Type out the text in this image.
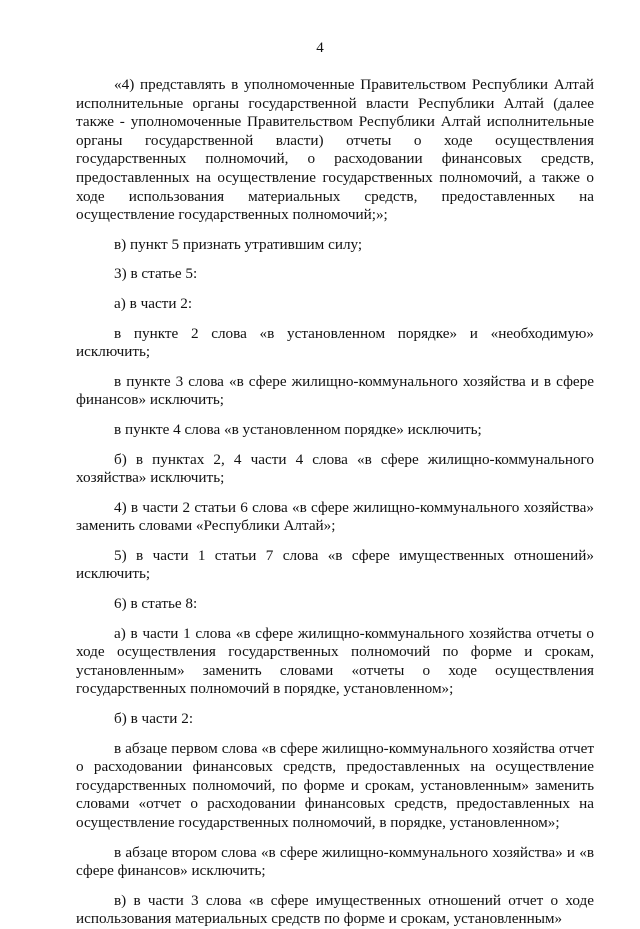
4

«4) представлять в уполномоченные Правительством Республики Алтай исполнительные органы государственной власти Республики Алтай (далее также - уполномоченные Правительством Республики Алтай исполнительные органы государственной власти) отчеты о ходе осуществления государственных полномочий, о расходовании финансовых средств, предоставленных на осуществление государственных полномочий, а также о ходе использования материальных средств, предоставленных на осуществление государственных полномочий;»;

в) пункт 5 признать утратившим силу;

3) в статье 5:

а) в части 2:

в пункте 2 слова «в установленном порядке» и «необходимую» исключить;

в пункте 3 слова «в сфере жилищно-коммунального хозяйства и в сфере финансов» исключить;

в пункте 4 слова «в установленном порядке» исключить;

б) в пунктах 2, 4 части 4 слова «в сфере жилищно-коммунального хозяйства» исключить;

4) в части 2 статьи 6 слова «в сфере жилищно-коммунального хозяйства» заменить словами «Республики Алтай»;

5) в части 1 статьи 7 слова «в сфере имущественных отношений» исключить;

6) в статье 8:

а) в части 1 слова «в сфере жилищно-коммунального хозяйства отчеты о ходе осуществления государственных полномочий по форме и срокам, установленным» заменить словами «отчеты о ходе осуществления государственных полномочий в порядке, установленном»;

б) в части 2:

в абзаце первом слова «в сфере жилищно-коммунального хозяйства отчет о расходовании финансовых средств, предоставленных на осуществление государственных полномочий, по форме и срокам, установленным» заменить словами «отчет о расходовании финансовых средств, предоставленных на осуществление государственных полномочий, в порядке, установленном»;

в абзаце втором слова «в сфере жилищно-коммунального хозяйства» и «в сфере финансов» исключить;

в) в части 3 слова «в сфере имущественных отношений отчет о ходе использования материальных средств по форме и срокам, установленным»
